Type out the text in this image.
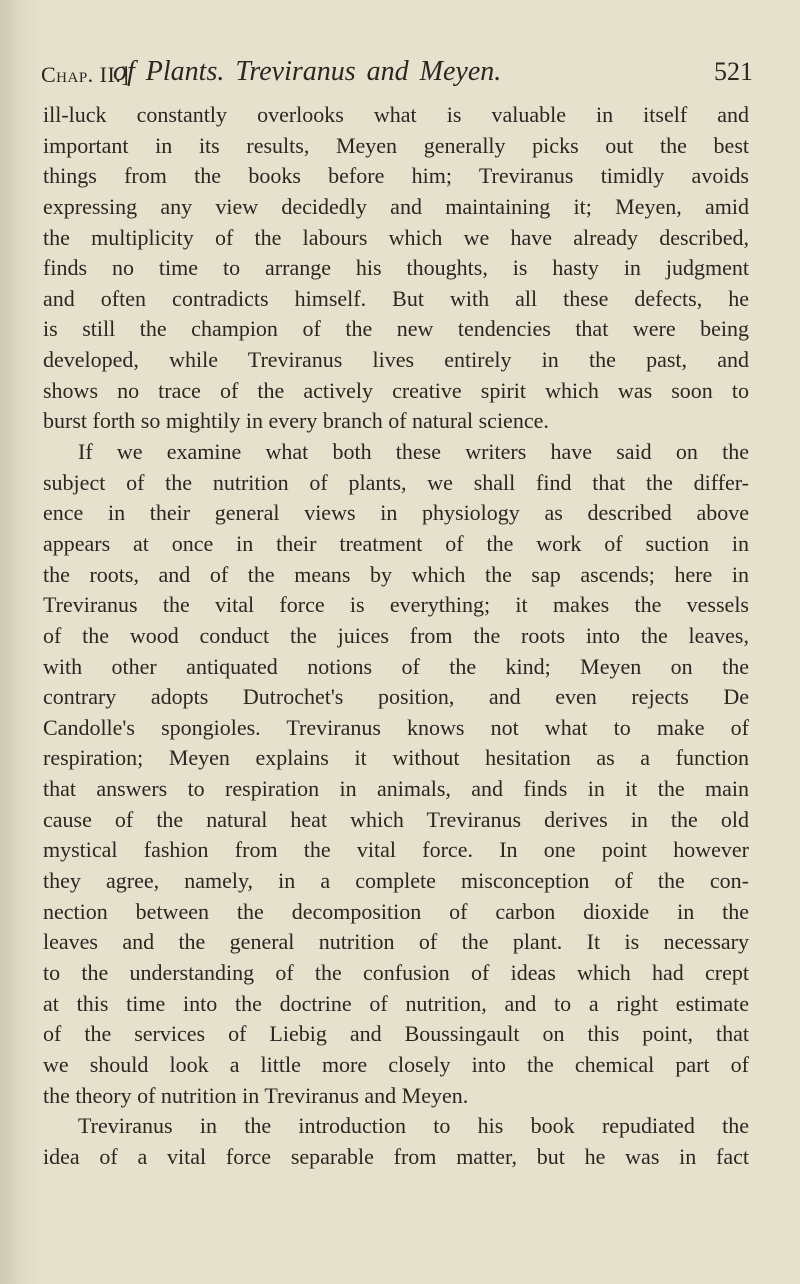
Chap. II.]
of Plants. Treviranus and Meyen.	521
ill-luck constantly overlooks what is valuable in itself and
important in its results, Meyen generally picks out the best
things from the books before him; Treviranus timidly avoids
expressing any view decidedly and maintaining it; Meyen, amid
the multiplicity of the labours which we have already described,
finds no time to arrange his thoughts, is hasty in judgment
and often contradicts himself. But with all these defects, he
is still the champion of the new tendencies that were being
developed, while Treviranus lives entirely in the past, and
shows no trace of the actively creative spirit which was soon to
burst forth so mightily in every branch of natural science.
If we examine what both these writers have said on the
subject of the nutrition of plants, we shall find that the differ-
ence in their general views in physiology as described above
appears at once in their treatment of the work of suction in
the roots, and of the means by which the sap ascends; here in
Treviranus the vital force is everything; it makes the vessels
of the wood conduct the juices from the roots into the leaves,
with other antiquated notions of the kind; Meyen on the
contrary adopts Dutrochet's position, and even rejects De
Candolle's spongioles. Treviranus knows not what to make of
respiration; Meyen explains it without hesitation as a function
that answers to respiration in animals, and finds in it the main
cause of the natural heat which Treviranus derives in the old
mystical fashion from the vital force. In one point however
they agree, namely, in a complete misconception of the con-
nection between the decomposition of carbon dioxide in the
leaves and the general nutrition of the plant. It is necessary
to the understanding of the confusion of ideas which had crept
at this time into the doctrine of nutrition, and to a right estimate
of the services of Liebig and Boussingault on this point, that
we should look a little more closely into the chemical part of
the theory of nutrition in Treviranus and Meyen.
Treviranus in the introduction to his book repudiated the
idea of a vital force separable from matter, but he was in fact
